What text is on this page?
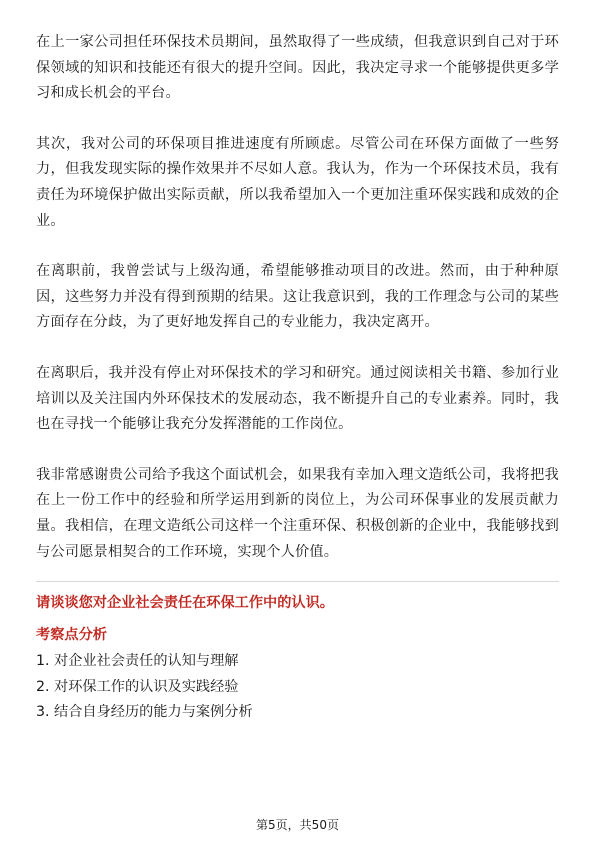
在上一家公司担任环保技术员期间，虽然取得了一些成绩，但我意识到自己对于环保领域的知识和技能还有很大的提升空间。因此，我决定寻求一个能够提供更多学习和成长机会的平台。

其次，我对公司的环保项目推进速度有所顾虑。尽管公司在环保方面做了一些努力，但我发现实际的操作效果并不尽如人意。我认为，作为一个环保技术员，我有责任为环境保护做出实际贡献，所以我希望加入一个更加注重环保实践和成效的企业。

在离职前，我曾尝试与上级沟通，希望能够推动项目的改进。然而，由于种种原因，这些努力并没有得到预期的结果。这让我意识到，我的工作理念与公司的某些方面存在分歧，为了更好地发挥自己的专业能力，我决定离开。

在离职后，我并没有停止对环保技术的学习和研究。通过阅读相关书籍、参加行业培训以及关注国内外环保技术的发展动态，我不断提升自己的专业素养。同时，我也在寻找一个能够让我充分发挥潜能的工作岗位。

我非常感谢贵公司给予我这个面试机会，如果我有幸加入理文造纸公司，我将把我在上一份工作中的经验和所学运用到新的岗位上，为公司环保事业的发展贡献力量。我相信，在理文造纸公司这样一个注重环保、积极创新的企业中，我能够找到与公司愿景相契合的工作环境，实现个人价值。

请谈谈您对企业社会责任在环保工作中的认识。
考察点分析
1. 对企业社会责任的认知与理解
2. 对环保工作的认识及实践经验
3. 结合自身经历的能力与案例分析
第5页，共50页
